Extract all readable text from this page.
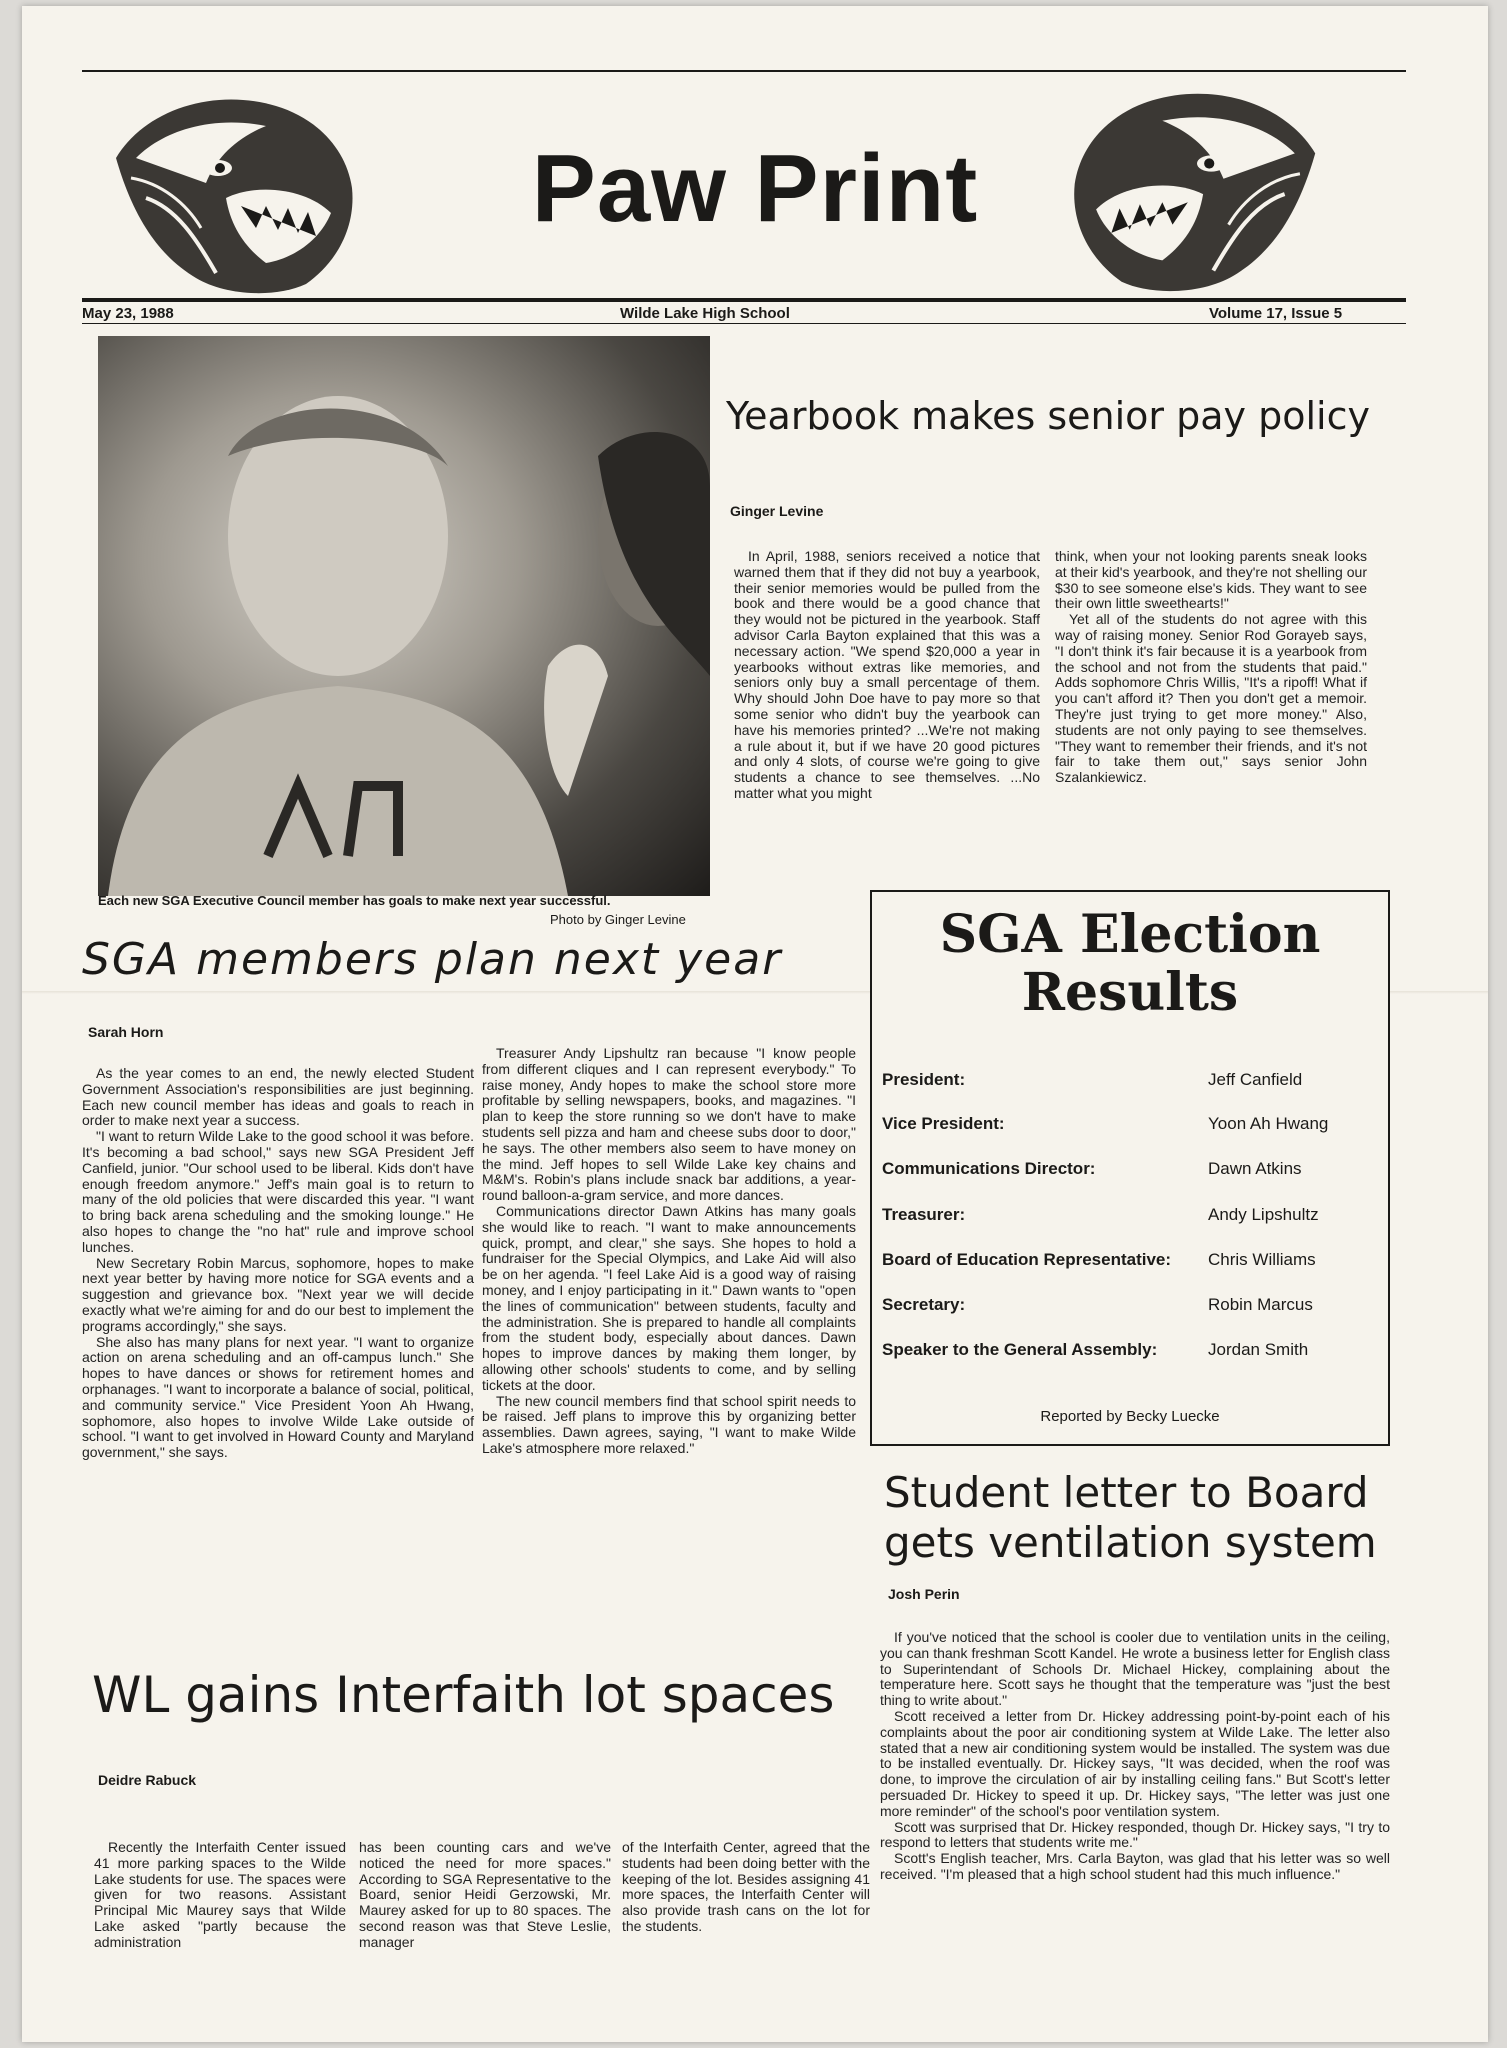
Paw Print
May 23, 1988	Wilde Lake High School	Volume 17, Issue 5
Each new SGA Executive Council member has goals to make next year successful.
Photo by Ginger Levine
Yearbook makes senior pay policy
Ginger Levine

In April, 1988, seniors received a notice that warned them that if they did not buy a yearbook, their senior memories would be pulled from the book and there would be a good chance that they would not be pictured in the yearbook. Staff advisor Carla Bayton explained that this was a necessary action. "We spend $20,000 a year in yearbooks without extras like memories, and seniors only buy a small percentage of them. Why should John Doe have to pay more so that some senior who didn't buy the yearbook can have his memories printed? ...We're not making a rule about it, but if we have 20 good pictures and only 4 slots, of course we're going to give students a chance to see themselves. ...No matter what you might

think, when your not looking parents sneak looks at their kid's yearbook, and they're not shelling our $30 to see someone else's kids. They want to see their own little sweethearts!"

Yet all of the students do not agree with this way of raising money. Senior Rod Gorayeb says, "I don't think it's fair because it is a yearbook from the school and not from the students that paid." Adds sophomore Chris Willis, "It's a ripoff! What if you can't afford it? Then you don't get a memoir. They're just trying to get more money." Also, students are not only paying to see themselves. "They want to remember their friends, and it's not fair to take them out," says senior John Szalankiewicz.

SGA members plan next year
Sarah Horn

As the year comes to an end, the newly elected Student Government Association's responsibilities are just beginning. Each new council member has ideas and goals to reach in order to make next year a success.

"I want to return Wilde Lake to the good school it was before. It's becoming a bad school," says new SGA President Jeff Canfield, junior. "Our school used to be liberal. Kids don't have enough freedom anymore." Jeff's main goal is to return to many of the old policies that were discarded this year. "I want to bring back arena scheduling and the smoking lounge." He also hopes to change the "no hat" rule and improve school lunches.

New Secretary Robin Marcus, sophomore, hopes to make next year better by having more notice for SGA events and a suggestion and grievance box. "Next year we will decide exactly what we're aiming for and do our best to implement the programs accordingly," she says.

She also has many plans for next year. "I want to organize action on arena scheduling and an off-campus lunch." She hopes to have dances or shows for retirement homes and orphanages. "I want to incorporate a balance of social, political, and community service." Vice President Yoon Ah Hwang, sophomore, also hopes to involve Wilde Lake outside of school. "I want to get involved in Howard County and Maryland government," she says.

Treasurer Andy Lipshultz ran because "I know people from different cliques and I can represent everybody." To raise money, Andy hopes to make the school store more profitable by selling newspapers, books, and magazines. "I plan to keep the store running so we don't have to make students sell pizza and ham and cheese subs door to door," he says. The other members also seem to have money on the mind. Jeff hopes to sell Wilde Lake key chains and M&M's. Robin's plans include snack bar additions, a year-round balloon-a-gram service, and more dances.

Communications director Dawn Atkins has many goals she would like to reach. "I want to make announcements quick, prompt, and clear," she says. She hopes to hold a fundraiser for the Special Olympics, and Lake Aid will also be on her agenda. "I feel Lake Aid is a good way of raising money, and I enjoy participating in it." Dawn wants to "open the lines of communication" between students, faculty and the administration. She is prepared to handle all complaints from the student body, especially about dances. Dawn hopes to improve dances by making them longer, by allowing other schools' students to come, and by selling tickets at the door.

The new council members find that school spirit needs to be raised. Jeff plans to improve this by organizing better assemblies. Dawn agrees, saying, "I want to make Wilde Lake's atmosphere more relaxed."

SGA Election
Results
President:	Jeff Canfield
Vice President:	Yoon Ah Hwang
Communications Director:	Dawn Atkins
Treasurer:	Andy Lipshultz
Board of Education Representative: Chris Williams
Secretary:	Robin Marcus
Speaker to the General Assembly:	Jordan Smith
Reported by Becky Luecke
Student letter to Board
gets ventilation system
Josh Perin

If you've noticed that the school is cooler due to ventilation units in the ceiling, you can thank freshman Scott Kandel. He wrote a business letter for English class to Superintendant of Schools Dr. Michael Hickey, complaining about the temperature here. Scott says he thought that the temperature was "just the best thing to write about."

Scott received a letter from Dr. Hickey addressing point-by-point each of his complaints about the poor air conditioning system at Wilde Lake. The letter also stated that a new air conditioning system would be installed. The system was due to be installed eventually. Dr. Hickey says, "It was decided, when the roof was done, to improve the circulation of air by installing ceiling fans." But Scott's letter persuaded Dr. Hickey to speed it up. Dr. Hickey says, "The letter was just one more reminder" of the school's poor ventilation system.

Scott was surprised that Dr. Hickey responded, though Dr. Hickey says, "I try to respond to letters that students write me."

Scott's English teacher, Mrs. Carla Bayton, was glad that his letter was so well received. "I'm pleased that a high school student had this much influence."

WL gains Interfaith lot spaces
Deidre Rabuck

Recently the Interfaith Center issued 41 more parking spaces to the Wilde Lake students for use. The spaces were given for two reasons. Assistant Principal Mic Maurey says that Wilde Lake asked "partly because the administration

has been counting cars and we've noticed the need for more spaces." According to SGA Representative to the Board, senior Heidi Gerzowski, Mr. Maurey asked for up to 80 spaces. The second reason was that Steve Leslie, manager

of the Interfaith Center, agreed that the students had been doing better with the keeping of the lot. Besides assigning 41 more spaces, the Interfaith Center will also provide trash cans on the lot for the students.
